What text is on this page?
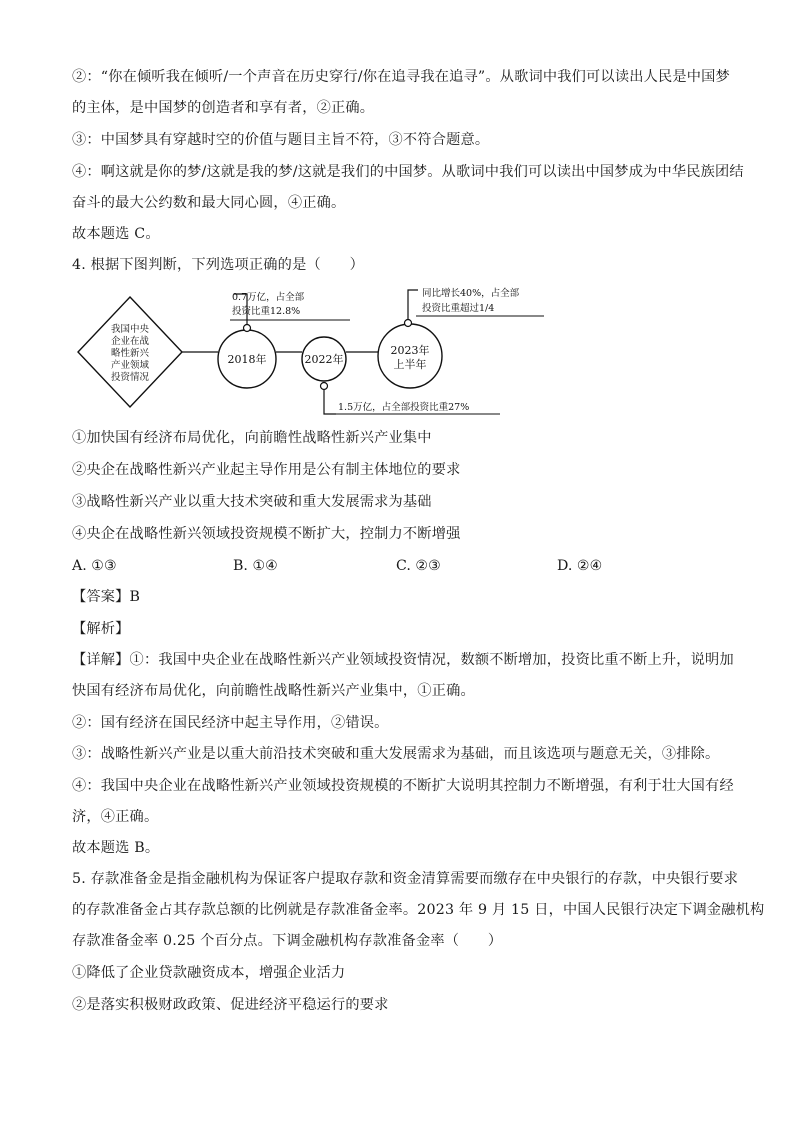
②：“你在倾听我在倾听/一个声音在历史穿行/你在追寻我在追寻”。从歌词中我们可以读出人民是中国梦
的主体，是中国梦的创造者和享有者，②正确。
③：中国梦具有穿越时空的价值与题目主旨不符，③不符合题意。
④：啊这就是你的梦/这就是我的梦/这就是我们的中国梦。从歌词中我们可以读出中国梦成为中华民族团结
奋斗的最大公约数和最大同心圆，④正确。
故本题选 C。
4. 根据下图判断，下列选项正确的是（　　）
我国中央
企业在战
略性新兴
产业领域
投资情况
2018年	2022年
2023年
上半年
0.7万亿，占全部
投资比重12.8%
同比增长40%，占全部
投资比重超过1/4
1.5万亿，占全部投资比重27%
①加快国有经济布局优化，向前瞻性战略性新兴产业集中
②央企在战略性新兴产业起主导作用是公有制主体地位的要求
③战略性新兴产业以重大技术突破和重大发展需求为基础
④央企在战略性新兴领域投资规模不断扩大，控制力不断增强
A. ①③	B. ①④	C. ②③	D. ②④
【答案】B
【解析】
【详解】①：我国中央企业在战略性新兴产业领域投资情况，数额不断增加，投资比重不断上升，说明加
快国有经济布局优化，向前瞻性战略性新兴产业集中，①正确。
②：国有经济在国民经济中起主导作用，②错误。
③：战略性新兴产业是以重大前沿技术突破和重大发展需求为基础，而且该选项与题意无关，③排除。
④：我国中央企业在战略性新兴产业领域投资规模的不断扩大说明其控制力不断增强，有利于壮大国有经
济，④正确。
故本题选 B。
5. 存款准备金是指金融机构为保证客户提取存款和资金清算需要而缴存在中央银行的存款，中央银行要求
的存款准备金占其存款总额的比例就是存款准备金率。2023 年 9 月 15 日，中国人民银行决定下调金融机构
存款准备金率 0.25 个百分点。下调金融机构存款准备金率（　　）
①降低了企业贷款融资成本，增强企业活力
②是落实积极财政政策、促进经济平稳运行的要求
